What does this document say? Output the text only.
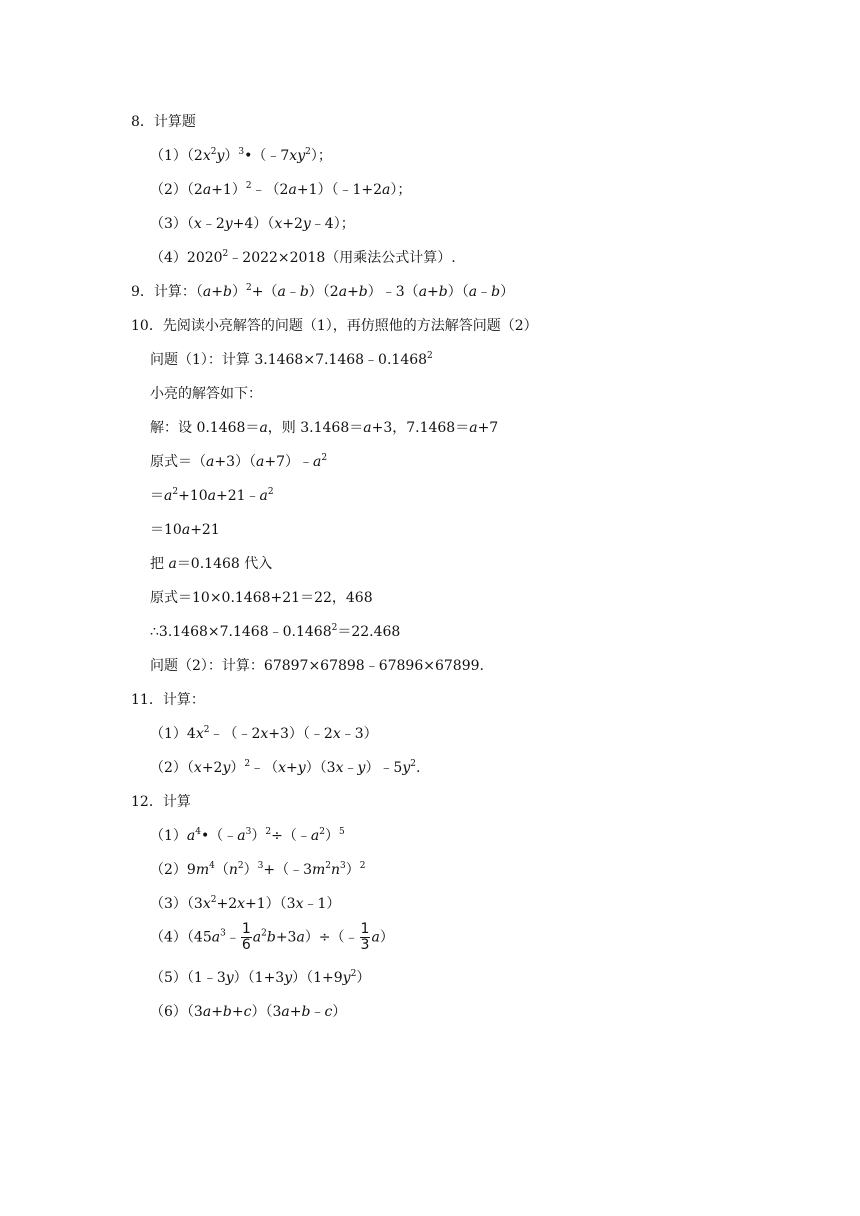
8．计算题
$(1)(2x^2y)^3•(﹣7xy^2)$；
$(2)(2a+1)^2﹣(2a+1)(﹣1+2a)$；
（3）（x﹣2y+4）（x+2y﹣4）；
$(4)2020^2﹣2022\times 2018$（用乘法公式计算）.
9．计算：$(a+b)^2+(a﹣b)(2a+b)﹣3(a+b)(a﹣b)$
10．先阅读小亮解答的问题（1），再仿照他的方法解答问题（2）
问题（1）：计算 $3.1468\times 7.1468﹣0.1468^2$
小亮的解答如下：
解：设 0.1468＝a，则 3.1468＝a+3，7.1468＝a+7
原式$=(a+3)(a+7)﹣a^2$
$=a^2+10a+21﹣a^2$
＝10a+21
把 a＝0.1468 代入
原式＝10×0.1468+21＝22，468
$\therefore 3.1468\times 7.1468﹣0.1468^2=22.468$
问题（2）：计算：67897×67898﹣67896×67899.
11．计算：
$(1)4x^2﹣(﹣2x+3)(﹣2x﹣3)$
$(2)(x+2y)^2﹣(x+y)(3x﹣y)﹣5y^2$.
12．计算
$(1)a^4•(﹣a^3)^2\div(﹣a^2)^5$
$(2)9m^4(n^2)^3+(﹣3m^2n^3)^2$
$(3)(3x^2+2x+1)(3x﹣1)$
$(4)(45a^3﹣ \frac{1}{6}$ $a^2b+3a)\div(﹣ \frac{1}{3} a)$
$(5)(1﹣3y)(1+3y)(1+9y^2)$
（6）（3a+b+c）（3a+b﹣c）
